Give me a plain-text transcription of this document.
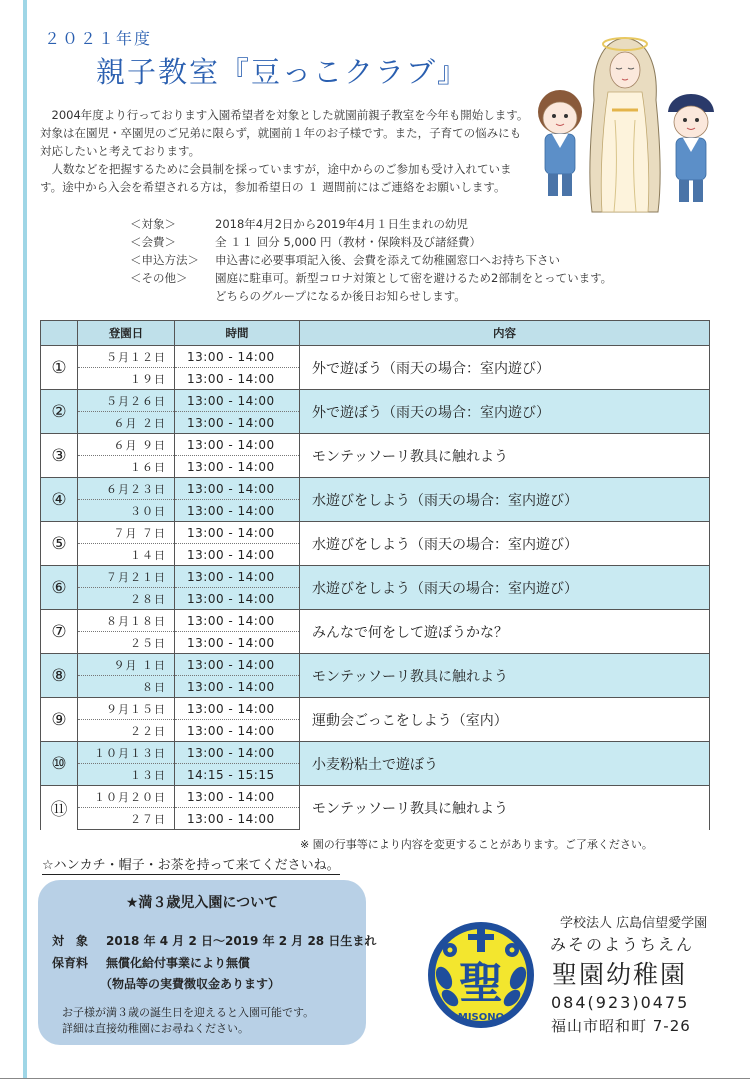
２０２１年度
親子教室『豆っこクラブ』

2004年度より行っております入園希望者を対象とした就園前親子教室を今年も開始します。対象は在園児・卒園児のご兄弟に限らず，就園前１年のお子様です。また，子育ての悩みにも対応したいと考えております。

人数などを把握するために会員制を採っていますが，途中からのご参加も受け入れています。途中から入会を希望される方は，参加希望日の １ 週間前にはご連絡をお願いします。

＜対象＞	2018年4月2日から2019年4月１日生まれの幼児
＜会費＞	全 １１ 回分 5,000 円（教材・保険料及び諸経費）
＜申込方法＞	申込書に必要事項記入後、会費を添えて幼稚園窓口へお持ち下さい
＜その他＞	園庭に駐車可。新型コロナ対策として密を避けるため2部制をとっています。
どちらのグループになるか後日お知らせします。
	登園日	時間	内容
①	５月１２日	13:00 - 14:00	外で遊ぼう（雨天の場合：室内遊び）
	１９日	13:00 - 14:00	
②	５月２６日	13:00 - 14:00	外で遊ぼう（雨天の場合：室内遊び）
	６月 ２日	13:00 - 14:00	
③	６月 ９日	13:00 - 14:00	モンテッソーリ教具に触れよう
	１６日	13:00 - 14:00	
④	６月２３日	13:00 - 14:00	水遊びをしよう（雨天の場合：室内遊び）
	３０日	13:00 - 14:00	
⑤	７月 ７日	13:00 - 14:00	水遊びをしよう（雨天の場合：室内遊び）
	１４日	13:00 - 14:00	
⑥	７月２１日	13:00 - 14:00	水遊びをしよう（雨天の場合：室内遊び）
	２８日	13:00 - 14:00	
⑦	８月１８日	13:00 - 14:00	みんなで何をして遊ぼうかな？
	２５日	13:00 - 14:00	
⑧	９月 １日	13:00 - 14:00	モンテッソーリ教具に触れよう
	８日	13:00 - 14:00	
⑨	９月１５日	13:00 - 14:00	運動会ごっこをしよう（室内）
	２２日	13:00 - 14:00	
⑩	１０月１３日	13:00 - 14:00	小麦粉粘土で遊ぼう
	１３日	14:15 - 15:15	
⑪	１０月２０日	13:00 - 14:00	モンテッソーリ教具に触れよう
	２７日	13:00 - 14:00	
※ 園の行事等により内容を変更することがあります。ご了承ください。
☆ハンカチ・帽子・お茶を持って来てくださいね。
★満３歳児入園について
対　象 2018 年 4 月 2 日～2019 年 2 月 28 日生まれ
保育料 無償化給付事業により無償
（物品等の実費徴収金あります）
お子様が満３歳の誕生日を迎えると入園可能です。
詳細は直接幼稚園にお尋ねください。
聖
MISONO
学校法人 広島信望愛学園
みそのようちえん
聖園幼稚園
084(923)0475
福山市昭和町 7-26
